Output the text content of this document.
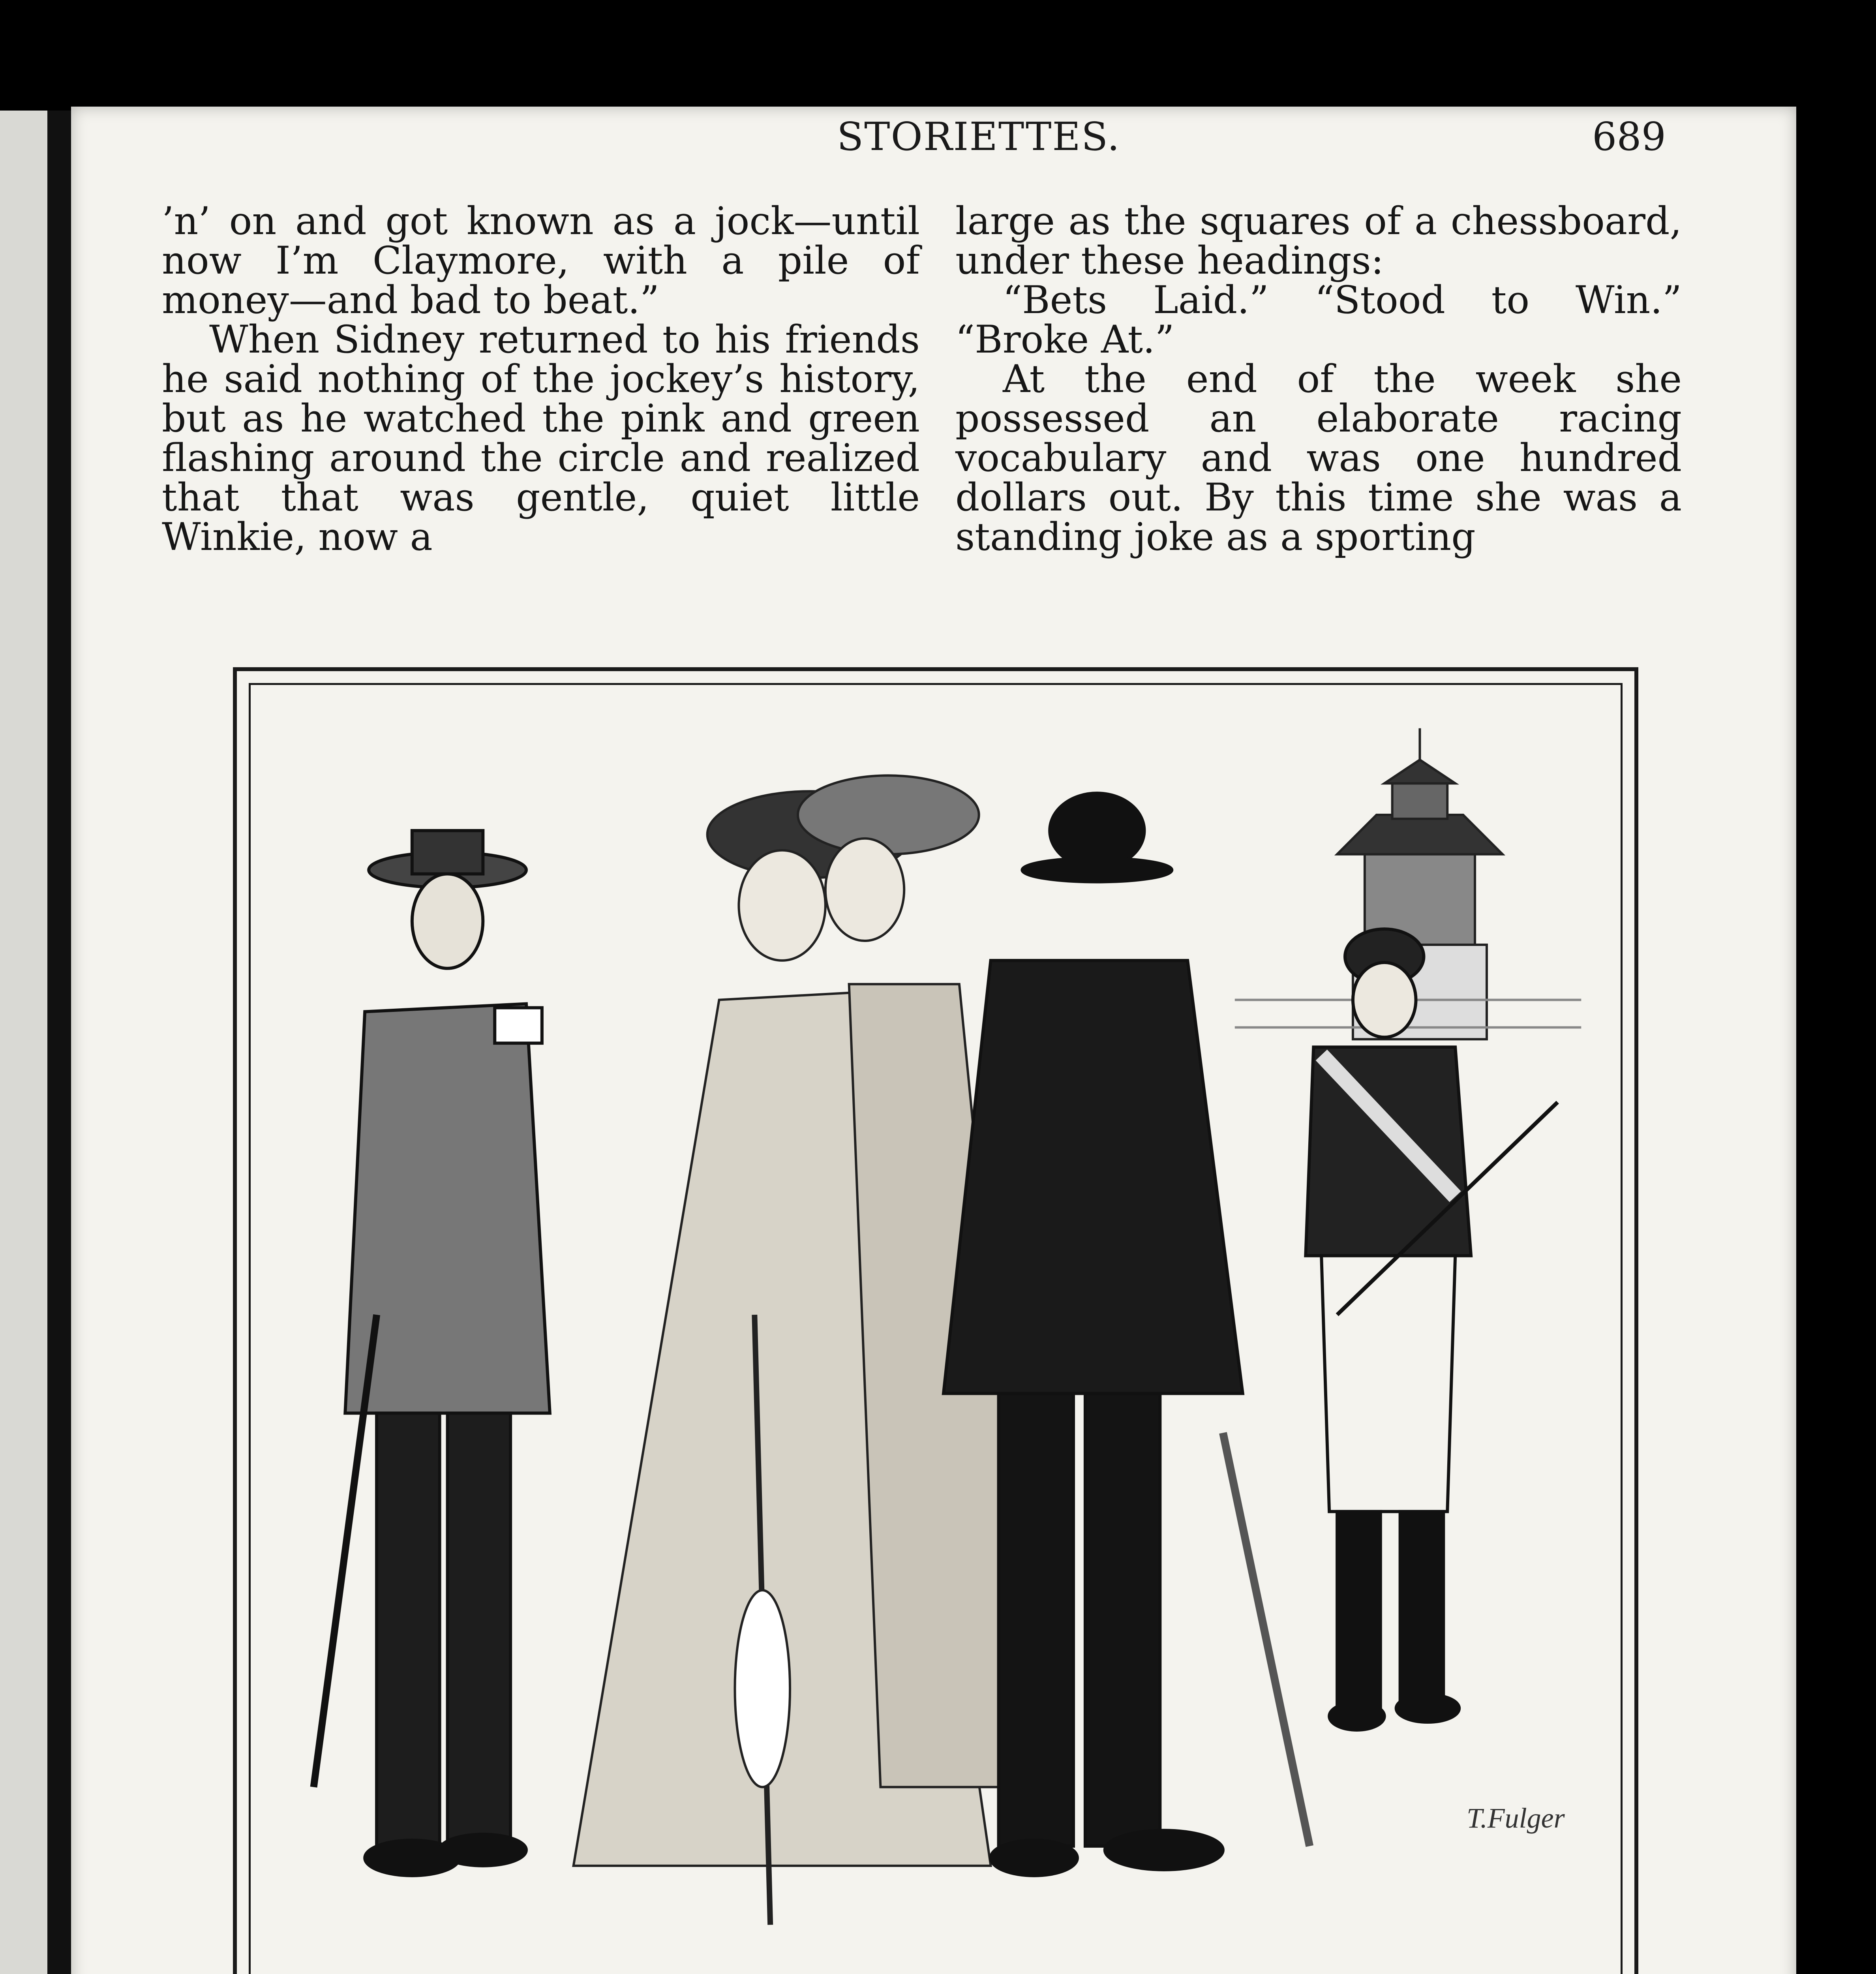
STORIETTES.	689

’n’ on and got known as a jock—until now I’m Claymore, with a pile of money—and bad to beat.”

When Sidney returned to his friends he said nothing of the jockey’s history, but as he watched the pink and green flashing around the circle and realized that that was gentle, quiet little Winkie, now a

large as the squares of a chessboard, under these headings:

“Bets Laid.” “Stood to Win.” “Broke At.”

At the end of the week she possessed an elaborate racing vocabulary and was one hundred dollars out. By this time she was a standing joke as a sporting

T.Fulger
